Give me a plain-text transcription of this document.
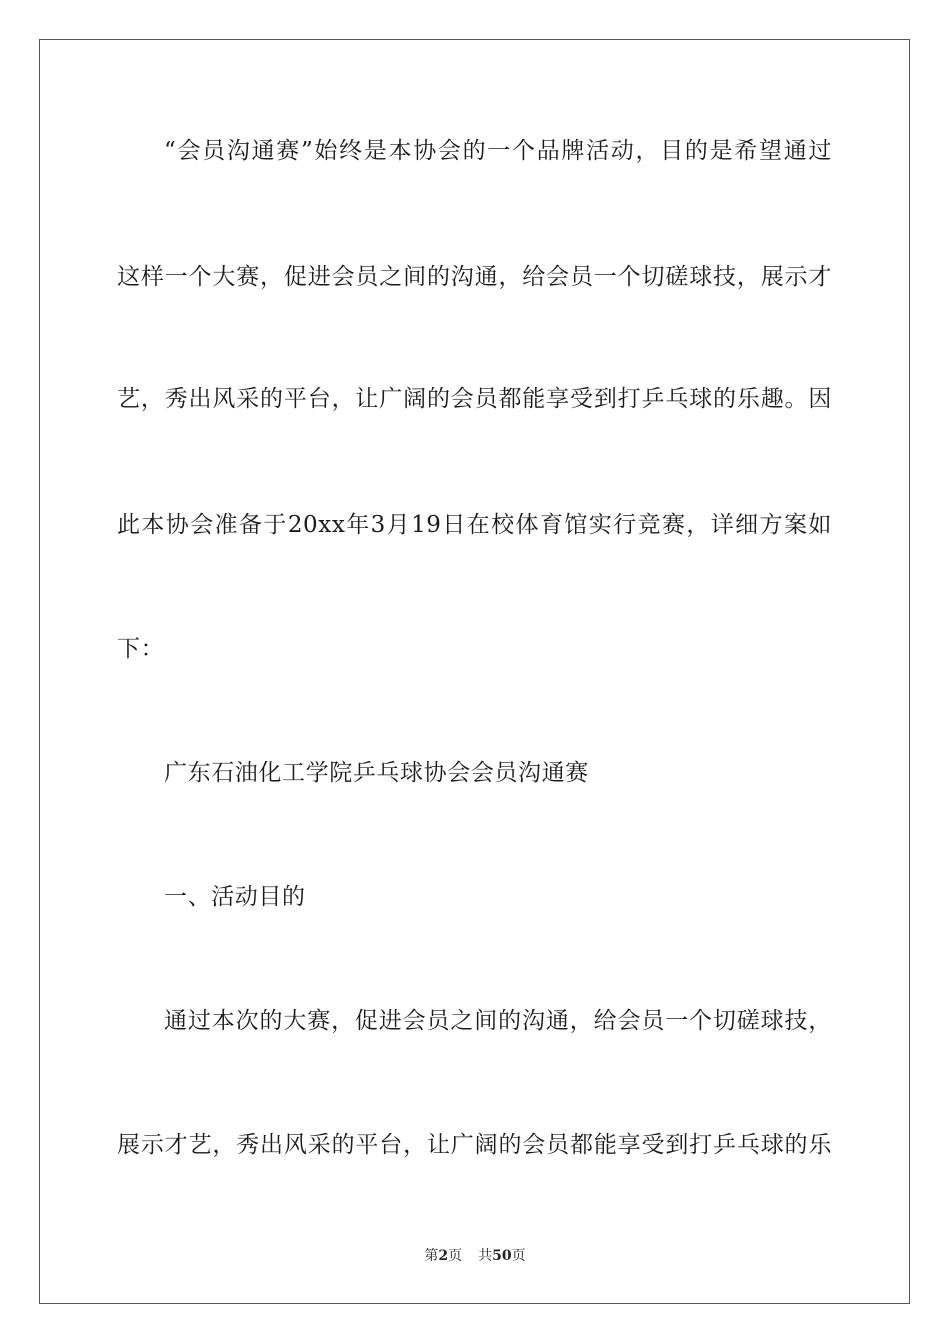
“会员沟通赛”始终是本协会的一个品牌活动，目的是希望通过
这样一个大赛，促进会员之间的沟通，给会员一个切磋球技，展示才
艺，秀出风采的平台，让广阔的会员都能享受到打乒乓球的乐趣。因
此本协会准备于20xx年3月19日在校体育馆实行竞赛，详细方案如
下：
广东石油化工学院乒乓球协会会员沟通赛
一、活动目的
通过本次的大赛，促进会员之间的沟通，给会员一个切磋球技，
展示才艺，秀出风采的平台，让广阔的会员都能享受到打乒乓球的乐
第2页 共50页
